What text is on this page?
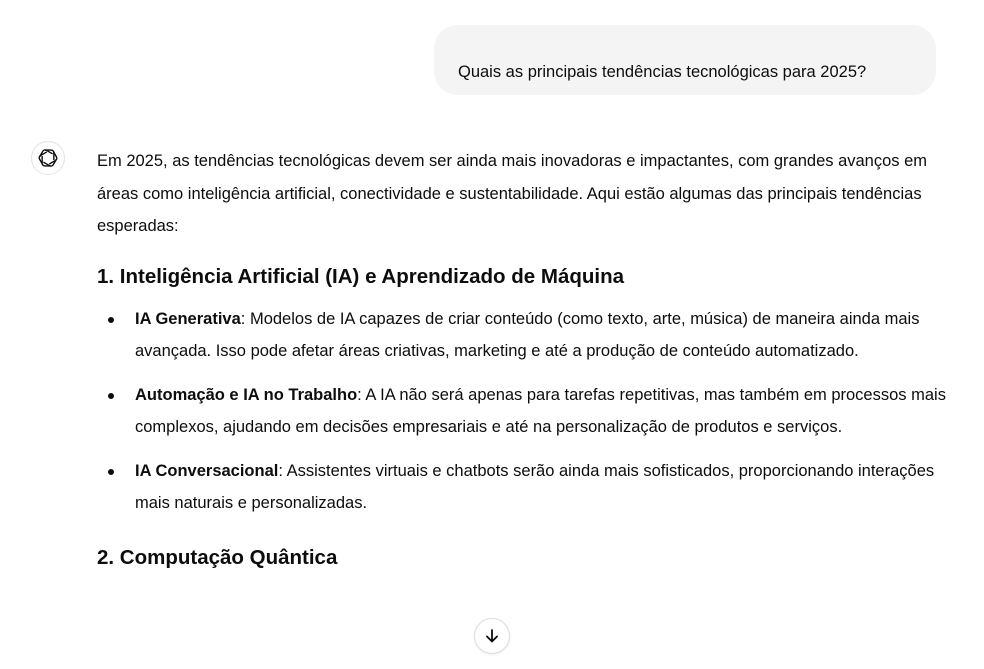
Quais as principais tendências tecnológicas para 2025?

Em 2025, as tendências tecnológicas devem ser ainda mais inovadoras e impactantes, com grandes avanços em áreas como inteligência artificial, conectividade e sustentabilidade. Aqui estão algumas das principais tendências esperadas:

1. Inteligência Artificial (IA) e Aprendizado de Máquina
IA Generativa: Modelos de IA capazes de criar conteúdo (como texto, arte, música) de maneira ainda mais avançada. Isso pode afetar áreas criativas, marketing e até a produção de conteúdo automatizado.
Automação e IA no Trabalho: A IA não será apenas para tarefas repetitivas, mas também em processos mais complexos, ajudando em decisões empresariais e até na personalização de produtos e serviços.
IA Conversacional: Assistentes virtuais e chatbots serão ainda mais sofisticados, proporcionando interações mais naturais e personalizadas.
2. Computação Quântica
